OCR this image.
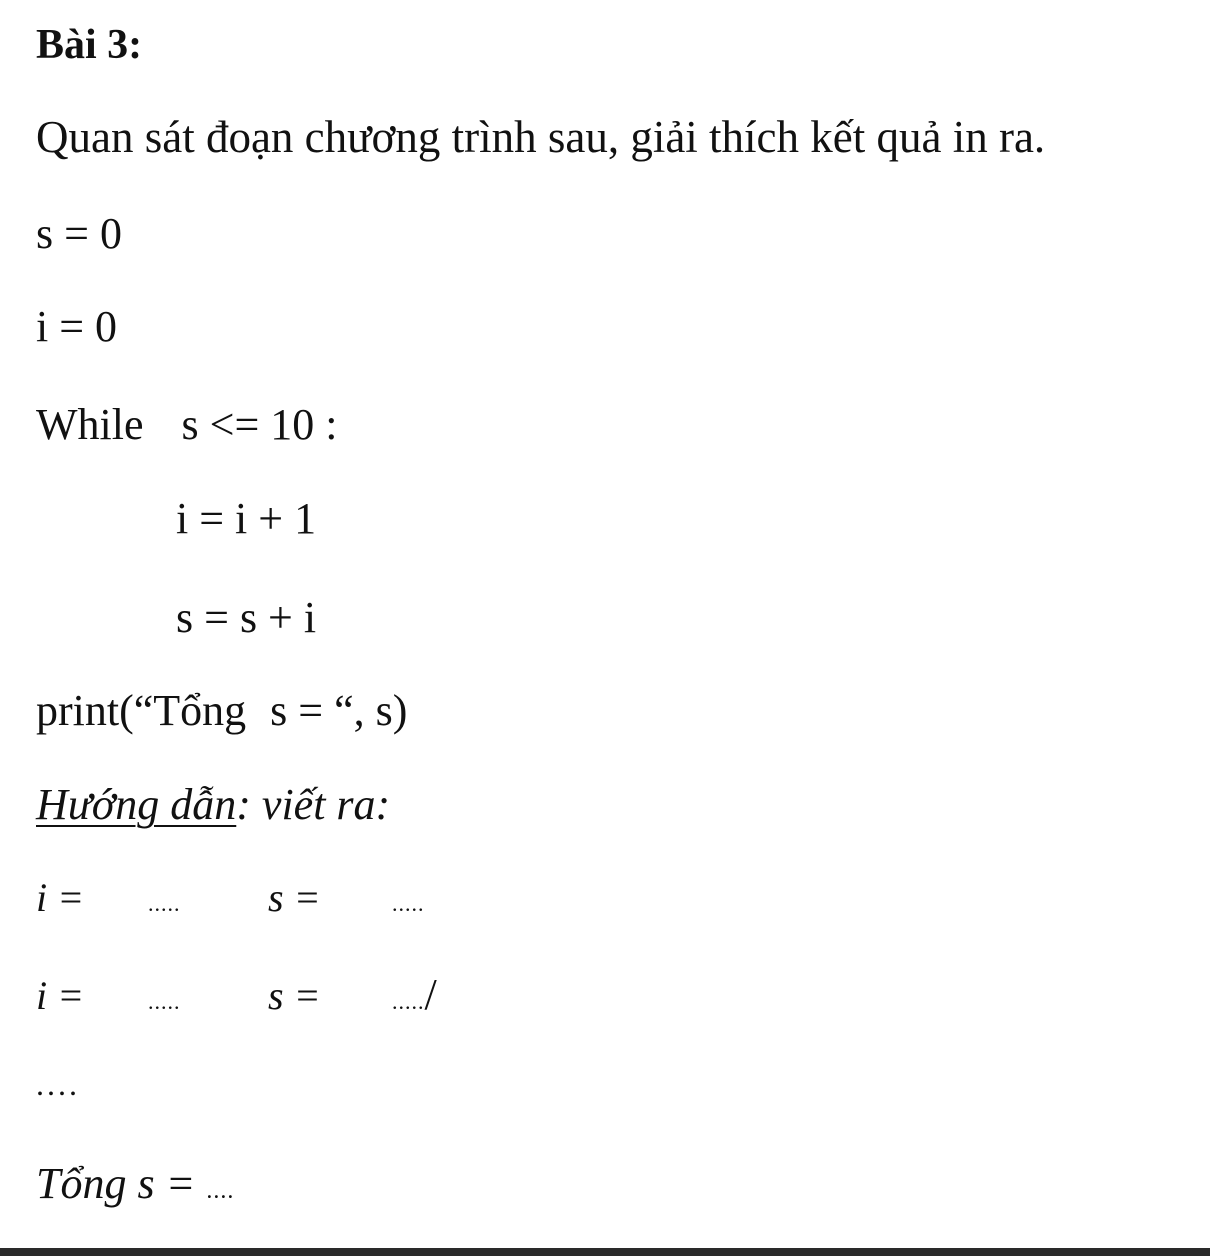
Bài 3:
Quan sát đoạn chương trình sau, giải thích kết quả in ra.
s = 0
i = 0
While s <= 10 :
i = i + 1
s = s + i
print(“Tổng s = “, s)
Hướng dẫn: viết ra:
i =	..... s =	.....
i =	..... s =	...../
....
Tổng s = ....
